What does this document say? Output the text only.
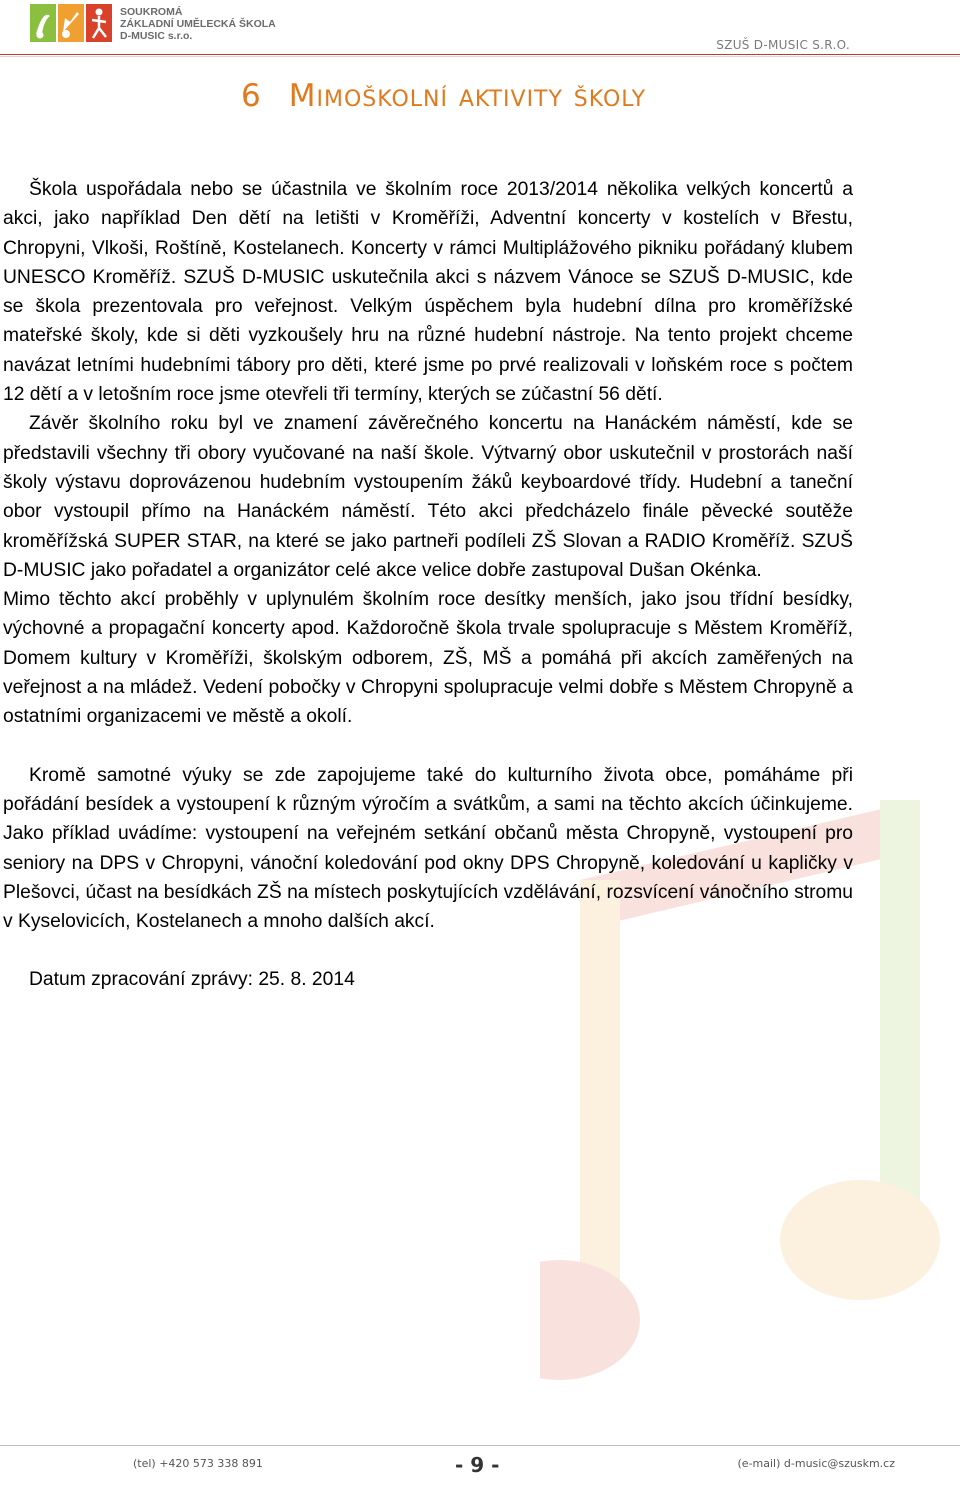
SOUKROMÁ
ZÁKLADNÍ UMĚLECKÁ ŠKOLA
D-MUSIC s.r.o.
SZUŠ D-MUSIC S.R.O.
6 Mimoškolní aktivity školy

Škola uspořádala nebo se účastnila ve školním roce 2013/2014 několika velkých koncertů a akci, jako například Den dětí na letišti v Kroměříži, Adventní koncerty v kostelích v Břestu, Chropyni, Vlkoši, Roštíně, Kostelanech. Koncerty v rámci Multiplážového pikniku pořádaný klubem UNESCO Kroměříž. SZUŠ D-MUSIC uskutečnila akci s názvem Vánoce se SZUŠ D-MUSIC, kde se škola prezentovala pro veřejnost. Velkým úspěchem byla hudební dílna pro kroměřížské mateřské školy, kde si děti vyzkoušely hru na různé hudební nástroje. Na tento projekt chceme navázat letními hudebními tábory pro děti, které jsme po prvé realizovali v loňském roce s počtem 12 dětí a v letošním roce jsme otevřeli tři termíny, kterých se zúčastní 56 dětí.

Závěr školního roku byl ve znamení závěrečného koncertu na Hanáckém náměstí, kde se představili všechny tři obory vyučované na naší škole. Výtvarný obor uskutečnil v prostorách naší školy výstavu doprovázenou hudebním vystoupením žáků keyboardové třídy. Hudební a taneční obor vystoupil přímo na Hanáckém náměstí. Této akci předcházelo finále pěvecké soutěže kroměřížská SUPER STAR, na které se jako partneři podíleli ZŠ Slovan a RADIO Kroměříž. SZUŠ D-MUSIC jako pořadatel a organizátor celé akce velice dobře zastupoval Dušan Okénka.

Mimo těchto akcí proběhly v uplynulém školním roce desítky menších, jako jsou třídní besídky, výchovné a propagační koncerty apod. Každoročně škola trvale spolupracuje s Městem Kroměříž, Domem kultury v Kroměříži, školským odborem, ZŠ, MŠ a pomáhá při akcích zaměřených na veřejnost a na mládež. Vedení pobočky v Chropyni spolupracuje velmi dobře s Městem Chropyně a ostatními organizacemi ve městě a okolí.

Kromě samotné výuky se zde zapojujeme také do kulturního života obce, pomáháme při pořádání besídek a vystoupení k různým výročím a svátkům, a sami na těchto akcích účinkujeme. Jako příklad uvádíme: vystoupení na veřejném setkání občanů města Chropyně, vystoupení pro seniory na DPS v Chropyni, vánoční koledování pod okny DPS Chropyně, koledování u kapličky v Plešovci, účast na besídkách ZŠ na místech poskytujících vzdělávání, rozsvícení vánočního stromu v Kyselovicích, Kostelanech a mnoho dalších akcí.

Datum zpracování zprávy: 25. 8. 2014

(tel) +420 573 338 891	- 9 -	(e-mail) d-music@szuskm.cz
